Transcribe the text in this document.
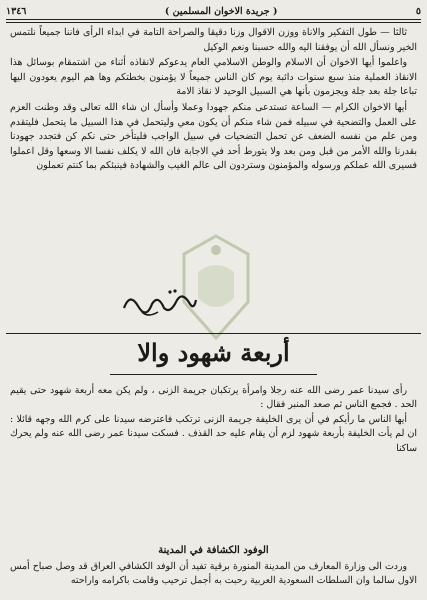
١٣٤٦	( جريدة الاخوان المسلمين )	٥

ثالثا — طول التفكير والاناة ووزن الاقوال وزنا دقيقا والصراحة التامة في ابداء الرأى فاننا جميعاً نلتمس الخير ونسأل الله أن يوفقنا اليه والله حسبنا ونعم الوكيل

واعلموا أيها الاخوان أن الاسلام والوطن الاسلامي العام يدعوكم لانقاذه أثناء من اشتمقام بوسائل هذا الانقاذ العملية منذ سبع سنوات دائبة يوم كان الناس جميعاً لا يؤمنون بخطتكم وها هم اليوم يعودون اليها تباعا جلة بعد جلة ويجزمون بأنها هي السبيل الوحيد لا نقاذ الامة

أيها الاخوان الكرام — الساعة تستدعى منكم جهودا وعملا وأسأل ان شاء الله تعالى وقد وطنت العزم على العمل والتضحية في سبيله فمن شاء منكم أن يكون معي وليتحمل في هذا السبيل ما يتحمل فليتقدم ومن علم من نفسه الضعف عن تحمل التضحيات في سبيل الواجب فليتأخر حتى نكم كن فتجدد جهودنا بقدرنا والله الأمر من قبل ومن بعد ولا يتورط أحد في الاجابة فان الله لا يكلف نفسا الا وسعها وقل اعملوا فسيرى الله عملكم ورسوله والمؤمنون وستردون الى عالم الغيب والشهادة فينبئكم بما كنتم تعملون

أربعة شهود والا

رأى سيدنا عمر رضى الله عنه رجلا وامرأة يرتكبان جريمة الزنى ، ولم يكن معه أربعة شهود حتى يقيم الحد . فجمع الناس ثم صعد المنبر فقال :

أيها الناس ما رأيكم في أن يرى الخليفة جريمة الزنى ترتكب فاعترضه سيدنا على كرم الله وجهه قائلا : ان لم يأت الخليفة بأربعة شهود لزم أن يقام عليه حد القذف . فسكت سيدنا عمر رضى الله عنه ولم يحرك ساكنا

الوفود الكشافة في المدينة

وردت الى وزارة المعارف من المدينة المنورة برقية تفيد أن الوفد الكشافي العراق قد وصل صباح أمس الاول سالما وان السلطات السعودية العربية رحبت به أجمل ترحيب وقامت باكرامه واراحته
